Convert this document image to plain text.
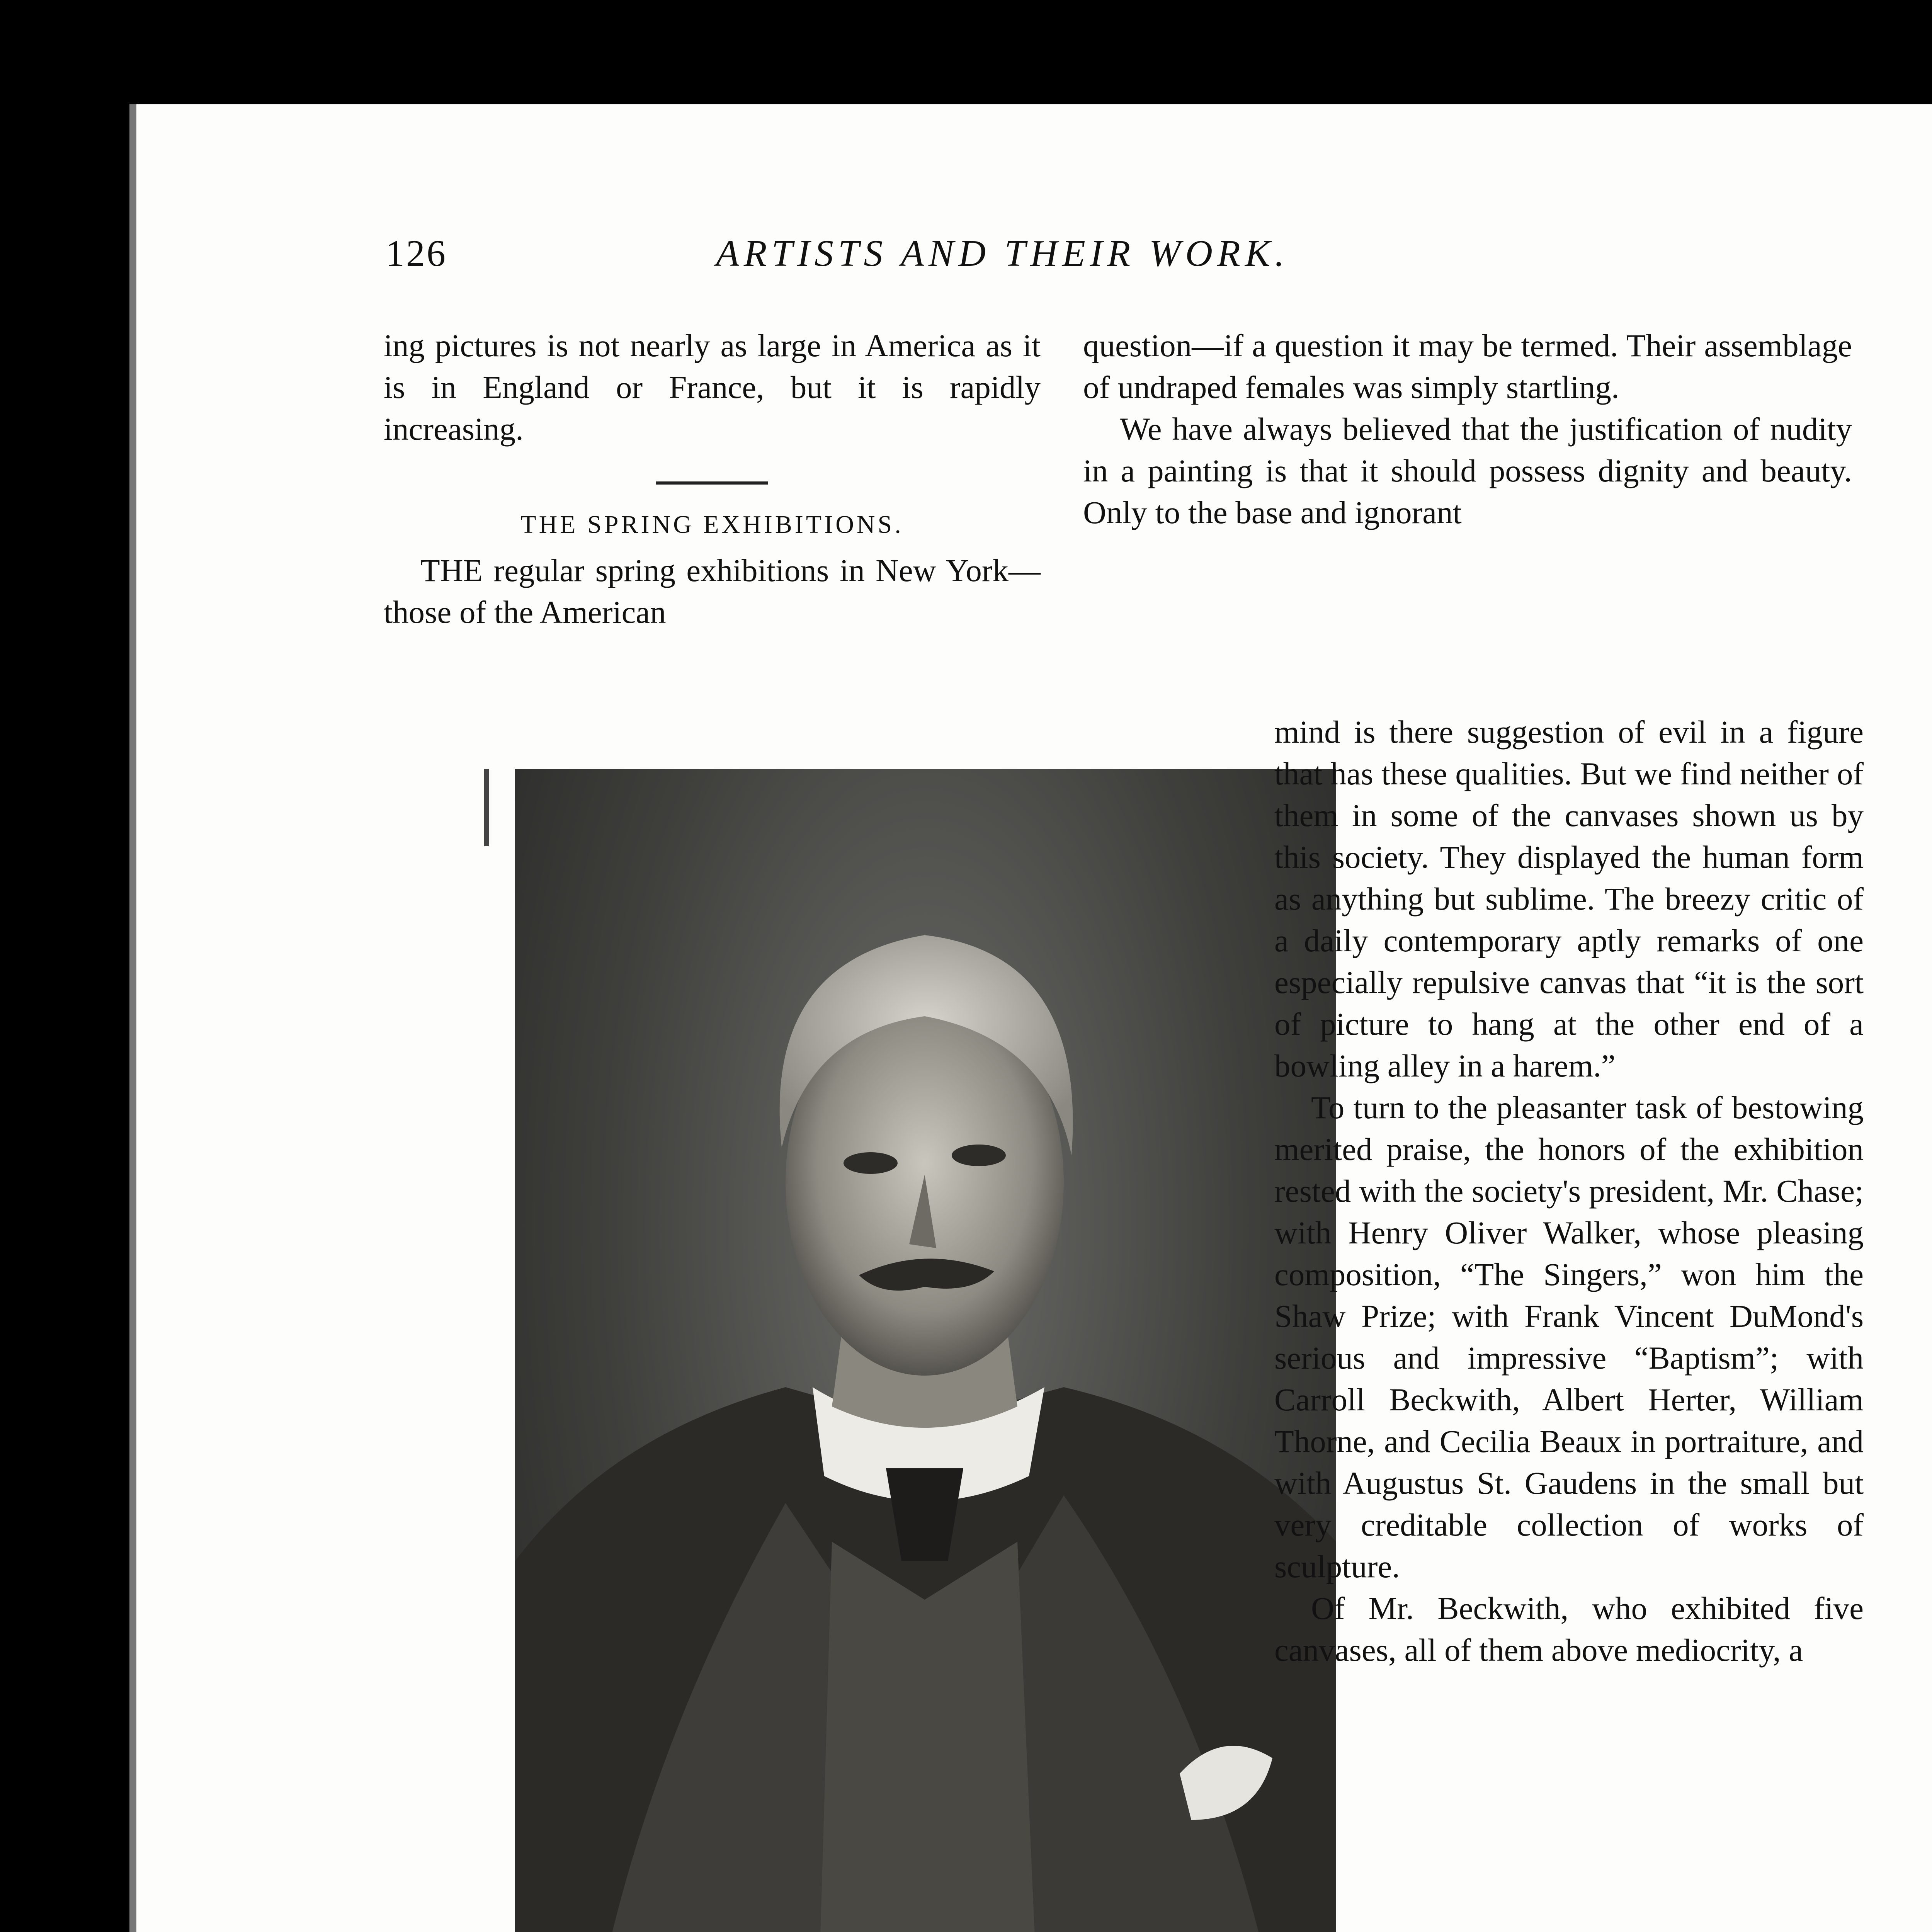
126	ARTISTS AND THEIR WORK.

ing pictures is not nearly as large in America as it is in England or France, but it is rapidly increasing.

THE SPRING EXHIBITIONS.

THE regular spring exhibitions in New York—those of the American

question—if a question it may be termed. Their assemblage of undraped females was simply startling.

We have always believed that the justification of nudity in a painting is that it should possess dignity and beauty. Only to the base and ignorant

mind is there suggestion of evil in a figure that has these qualities. But we find neither of them in some of the canvases shown us by this society. They displayed the human form as anything but sublime. The breezy critic of a daily contemporary aptly remarks of one especially repulsive canvas that “it is the sort of picture to hang at the other end of a bowling alley in a harem.”

To turn to the pleasanter task of bestowing merited praise, the honors of the exhibition rested with the society's president, Mr. Chase; with Henry Oliver Walker, whose pleasing composition, “The Singers,” won him the Shaw Prize; with Frank Vincent DuMond's serious and impressive “Baptism”; with Carroll Beckwith, Albert Herter, William Thorne, and Cecilia Beaux in portraiture, and with Augustus St. Gaudens in the small but very creditable collection of works of sculpture.

Of Mr. Beckwith, who exhibited five canvases, all of them above mediocrity, a
